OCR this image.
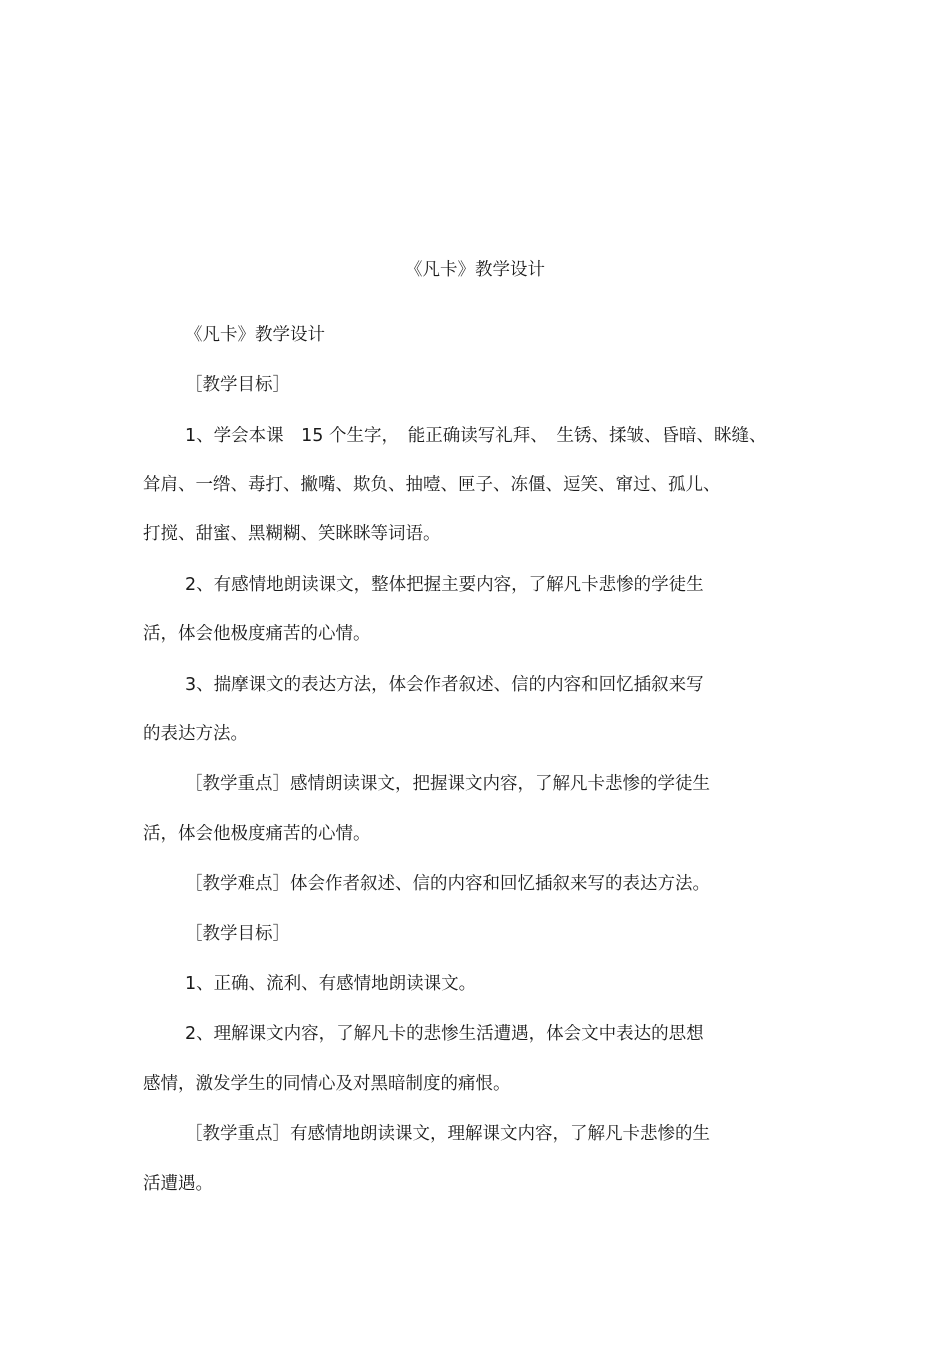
《凡卡》教学设计
《凡卡》教学设计
［教学目标］
1、学会本课　15 个生字，　能正确读写礼拜、　生锈、揉皱、昏暗、眯缝、
耸肩、一绺、毒打、撇嘴、欺负、抽噎、匣子、冻僵、逗笑、窜过、孤儿、
打搅、甜蜜、黑糊糊、笑眯眯等词语。
2、有感情地朗读课文，整体把握主要内容，了解凡卡悲惨的学徒生
活，体会他极度痛苦的心情。
3、揣摩课文的表达方法，体会作者叙述、信的内容和回忆插叙来写
的表达方法。
［教学重点］感情朗读课文，把握课文内容，了解凡卡悲惨的学徒生
活，体会他极度痛苦的心情。
［教学难点］体会作者叙述、信的内容和回忆插叙来写的表达方法。
［教学目标］
1、正确、流利、有感情地朗读课文。
2、理解课文内容，了解凡卡的悲惨生活遭遇，体会文中表达的思想
感情，激发学生的同情心及对黑暗制度的痛恨。
［教学重点］有感情地朗读课文，理解课文内容，了解凡卡悲惨的生
活遭遇。
